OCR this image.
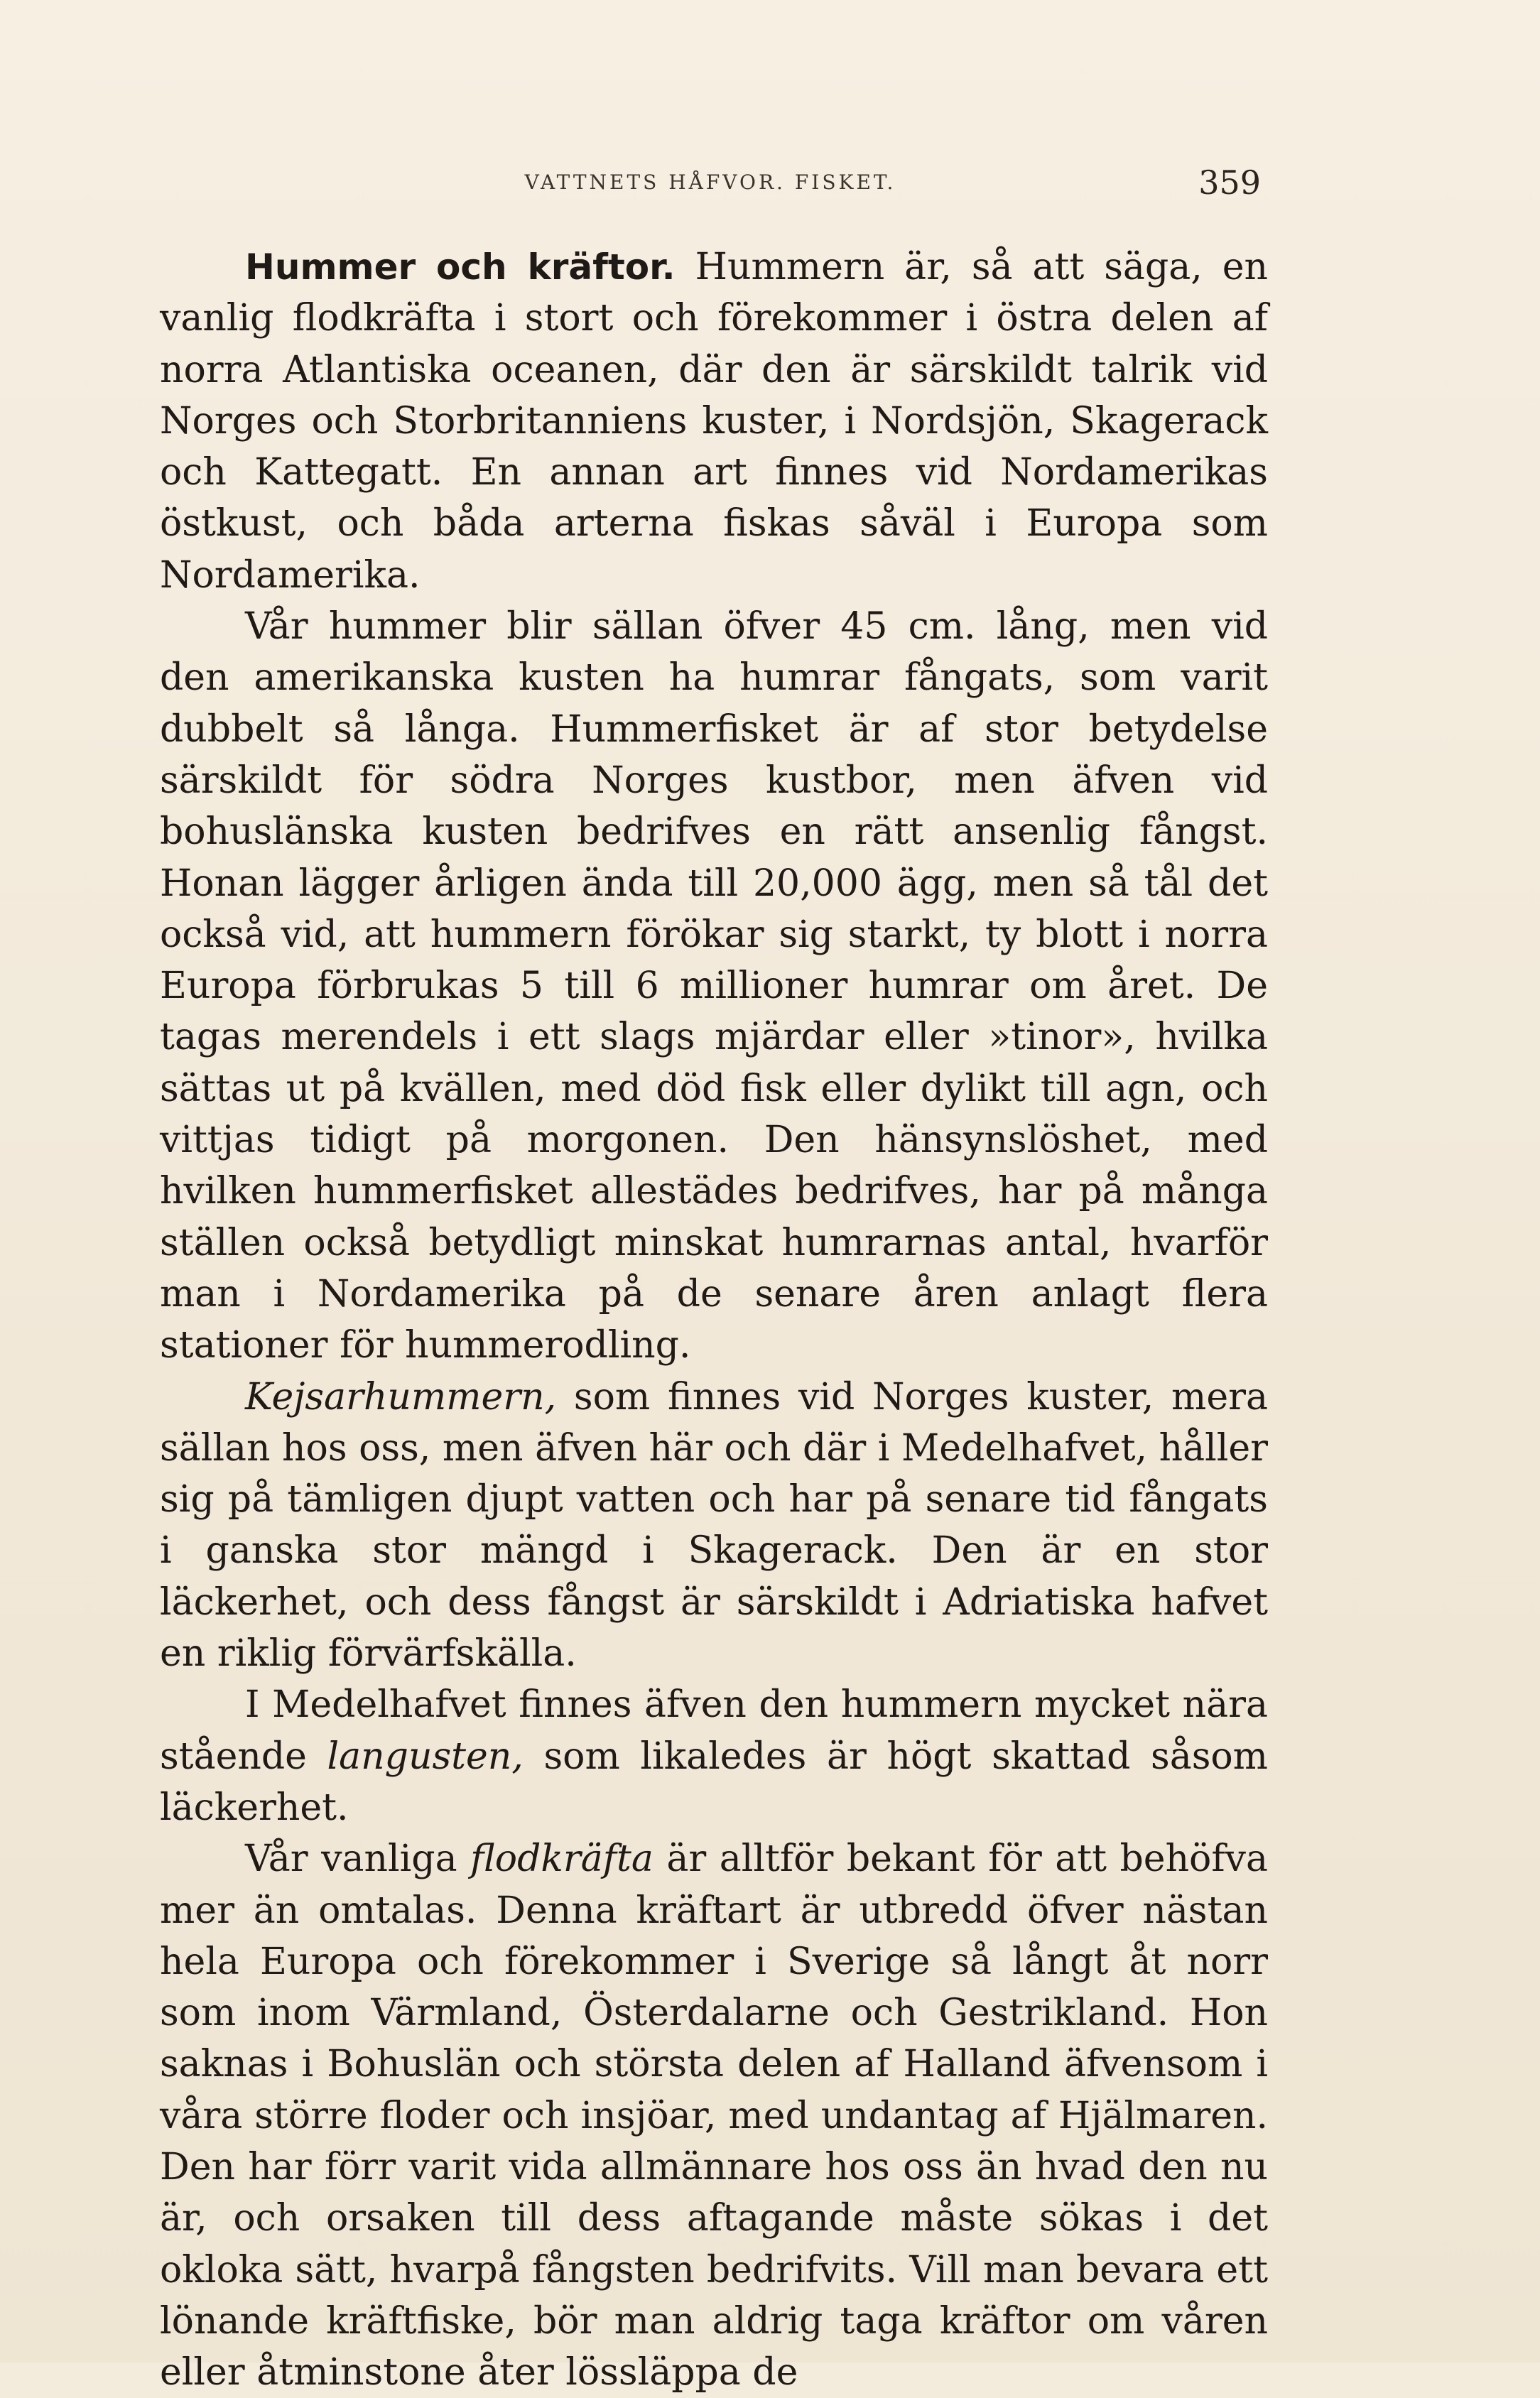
VATTNETS HÅFVOR. FISKET.	359

Hummer och kräftor. Hummern är, så att säga, en vanlig flodkräfta i stort och förekommer i östra delen af norra Atlantiska oceanen, där den är särskildt talrik vid Norges och Storbritanniens kuster, i Nordsjön, Skagerack och Kattegatt. En annan art finnes vid Nordamerikas östkust, och båda arterna fiskas såväl i Europa som Nordamerika.

Vår hummer blir sällan öfver 45 cm. lång, men vid den amerikanska kusten ha humrar fångats, som varit dubbelt så långa. Hummerfisket är af stor betydelse särskildt för södra Norges kustbor, men äfven vid bohuslänska kusten bedrifves en rätt ansenlig fångst. Honan lägger årligen ända till 20,000 ägg, men så tål det också vid, att hummern förökar sig starkt, ty blott i norra Europa förbrukas 5 till 6 millioner humrar om året. De tagas merendels i ett slags mjärdar eller »tinor», hvilka sättas ut på kvällen, med död fisk eller dylikt till agn, och vittjas tidigt på morgonen. Den hänsynslöshet, med hvilken hummerfisket allestädes bedrifves, har på många ställen också betydligt minskat humrarnas antal, hvarför man i Nordamerika på de senare åren anlagt flera stationer för hummerodling.

Kejsarhummern, som finnes vid Norges kuster, mera sällan hos oss, men äfven här och där i Medelhafvet, håller sig på tämligen djupt vatten och har på senare tid fångats i ganska stor mängd i Skagerack. Den är en stor läckerhet, och dess fångst är särskildt i Adriatiska hafvet en riklig förvärfskälla.

I Medelhafvet finnes äfven den hummern mycket nära stående langusten, som likaledes är högt skattad såsom läckerhet.

Vår vanliga flodkräfta är alltför bekant för att behöfva mer än omtalas. Denna kräftart är utbredd öfver nästan hela Europa och förekommer i Sverige så långt åt norr som inom Värmland, Österdalarne och Gestrikland. Hon saknas i Bohuslän och största delen af Halland äfvensom i våra större floder och insjöar, med undantag af Hjälmaren. Den har förr varit vida allmännare hos oss än hvad den nu är, och orsaken till dess aftagande måste sökas i det okloka sätt, hvarpå fångsten bedrifvits. Vill man bevara ett lönande kräftfiske, bör man aldrig taga kräftor om våren eller åtminstone åter lössläppa de
